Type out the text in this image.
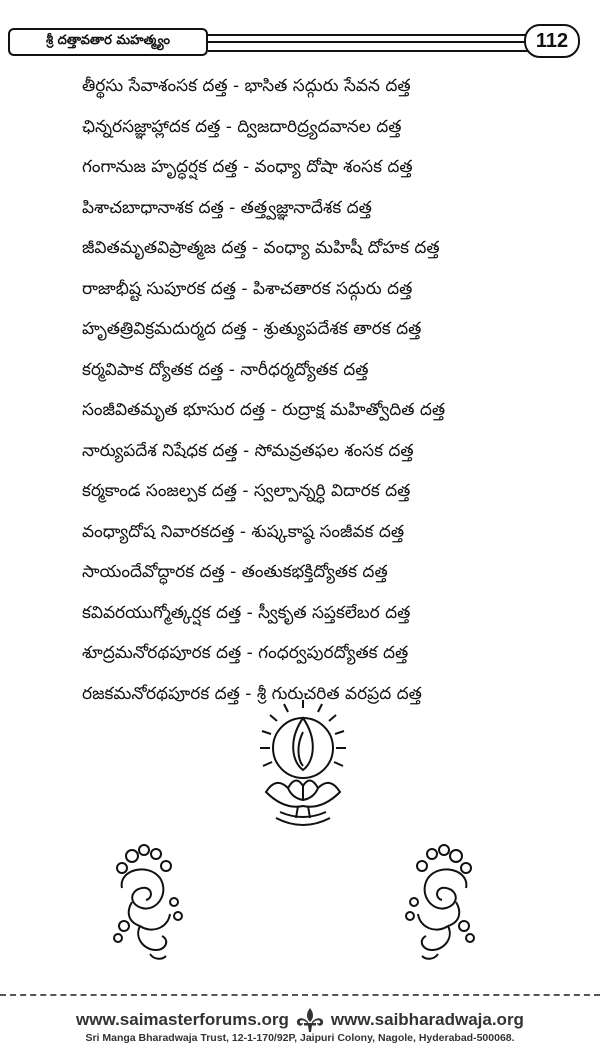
శ్రీ దత్తావతార మహత్మ్యం	112
తీర్థసు సేవాశంసక దత్త - భాసిత సద్గురు సేవన దత్త
ఛిన్నరసజ్ఞాహ్లాదక దత్త - ద్విజదారిద్ర్యదవానల దత్త
గంగానుజ హృద్ధర్షక దత్త - వంధ్యా దోషా శంసక దత్త
పిశాచబాధానాశక దత్త - తత్త్వజ్ఞానాదేశక దత్త
జీవితమృతవిప్రాత్మజ దత్త - వంధ్యా మహిషీ దోహక దత్త
రాజాభీష్ట సుపూరక దత్త - పిశాచతారక సద్గురు దత్త
హృతత్రివిక్రమదుర్మద దత్త - శ్రుత్యుపదేశక తారక దత్త
కర్మవిపాక ద్యోతక దత్త - నారీధర్మద్యోతక దత్త
సంజీవితమృత భూసుర దత్త - రుద్రాక్ష మహిత్వోదిత దత్త
నార్యుపదేశ నిషేధక దత్త - సోమవ్రతఫల శంసక దత్త
కర్మకాండ సంజల్పక దత్త - స్వల్పాన్నర్ధి విదారక దత్త
వంధ్యాదోష నివారకదత్త - శుష్కకాష్ఠ సంజీవక దత్త
సాయందేవోద్ధారక దత్త - తంతుకభక్తిద్యోతక దత్త
కవివరయుగ్మోత్కర్షక దత్త - స్వీకృత సప్తకలేబర దత్త
శూద్రమనోరథపూరక దత్త - గంధర్వపురద్యోతక దత్త
రజకమనోరథపూరక దత్త - శ్రీ గురుచరిత వరప్రద దత్త
www.saimasterforums.org www.saibharadwaja.org
Sri Manga Bharadwaja Trust, 12-1-170/92P, Jaipuri Colony, Nagole, Hyderabad-500068.
